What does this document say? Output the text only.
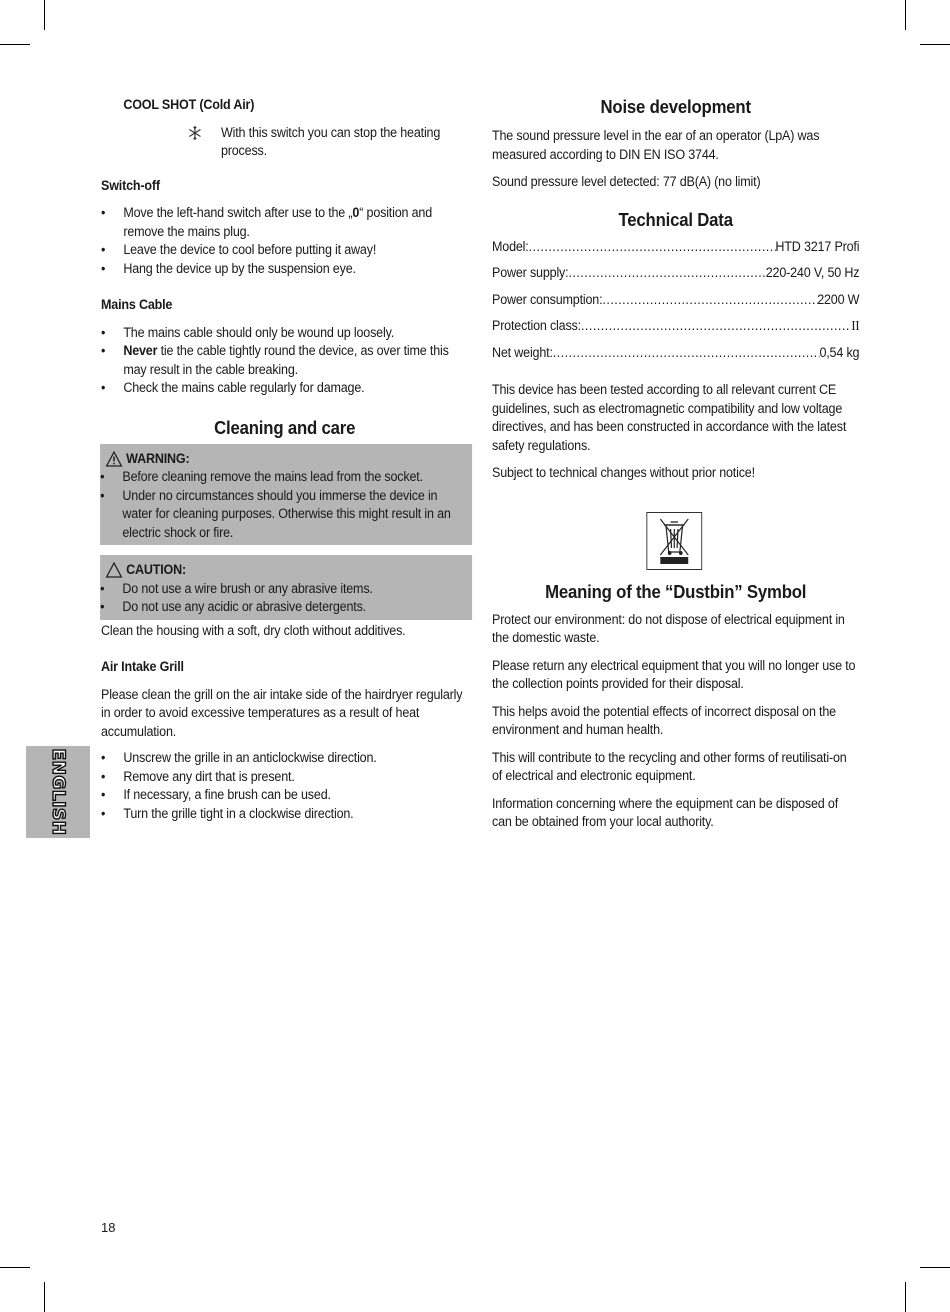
COOL SHOT (Cold Air)

With this switch you can stop the heating process.

Switch-off
• Move the left-hand switch after use to the „0“ position and remove the mains plug.
• Leave the device to cool before putting it away!
• Hang the device up by the suspension eye.
Mains Cable
• The mains cable should only be wound up loosely.
• Never tie the cable tightly round the device, as over time this may result in the cable breaking.
• Check the mains cable regularly for damage.
Cleaning and care
WARNING:
• Before cleaning remove the mains lead from the socket.
• Under no circumstances should you immerse the device in water for cleaning purposes. Otherwise this might result in an electric shock or fire.
CAUTION:
• Do not use a wire brush or any abrasive items.
• Do not use any acidic or abrasive detergents.

Clean the housing with a soft, dry cloth without additives.

Air Intake Grill

Please clean the grill on the air intake side of the hairdryer regularly in order to avoid excessive temperatures as a result of heat accumulation.

• Unscrew the grille in an anticlockwise direction.
• Remove any dirt that is present.
• If necessary, a fine brush can be used.
• Turn the grille tight in a clockwise direction.
Noise development

The sound pressure level in the ear of an operator (LpA) was measured according to DIN EN ISO 3744.

Sound pressure level detected: 77 dB(A) (no limit)

Technical Data
Model: .....	HTD 3217 Profi
Power supply: .....	220-240 V, 50 Hz
Power consumption: .....	2200 W
Protection class: .....	II
Net weight: .....	0,54 kg

This device has been tested according to all relevant current CE guidelines, such as electromagnetic compatibility and low voltage directives, and has been constructed in accordance with the latest safety regulations.

Subject to technical changes without prior notice!

Meaning of the “Dustbin” Symbol

Protect our environment: do not dispose of electrical equipment in the domestic waste.

Please return any electrical equipment that you will no longer use to the collection points provided for their disposal.

This helps avoid the potential effects of incorrect disposal on the environment and human health.

This will contribute to the recycling and other forms of reutilisati-on of electrical and electronic equipment.

Information concerning where the equipment can be disposed of can be obtained from your local authority.

ENGLISH
18
